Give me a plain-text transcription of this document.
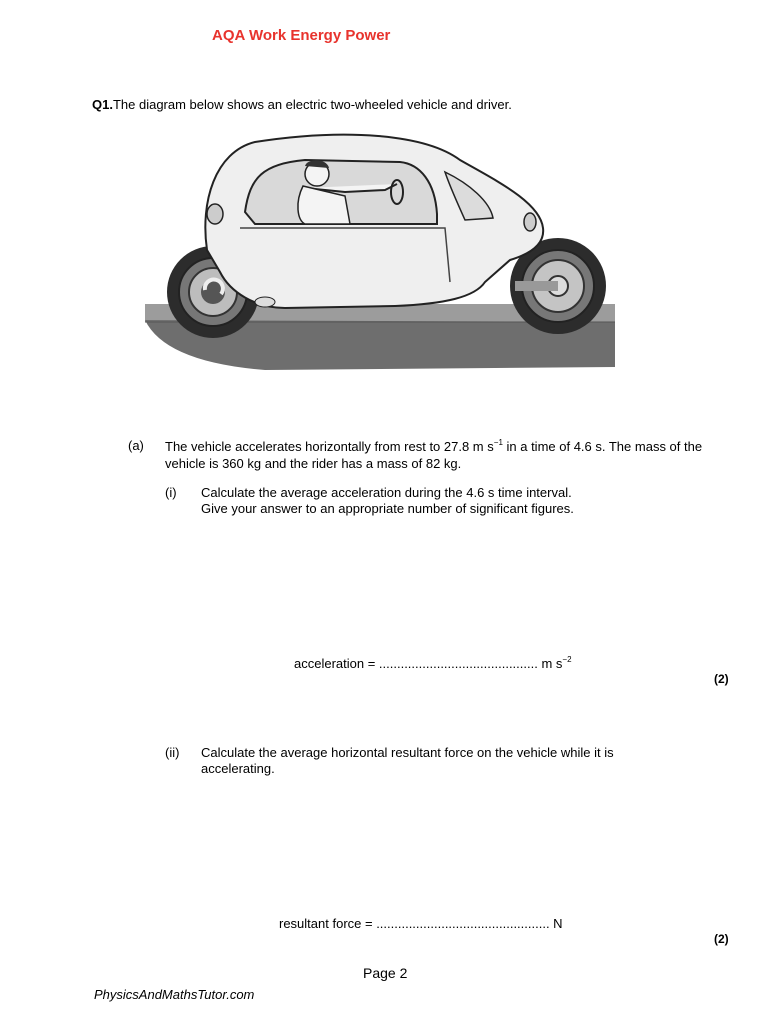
AQA Work Energy Power
Q1.The diagram below shows an electric two-wheeled vehicle and driver.
(a) The vehicle accelerates horizontally from rest to 27.8 m $s^{-1}$ in a time of 4.6 s. The mass of the vehicle is 360 kg and the rider has a mass of 82 kg.
(i) Calculate the average acceleration during the 4.6 s time interval.
Give your answer to an appropriate number of significant figures.
acceleration = ............................................ m $s^{-2}$
(2)
(ii) Calculate the average horizontal resultant force on the vehicle while it is
accelerating.
resultant force = ................................................ N
(2)
Page 2
PhysicsAndMathsTutor.com
